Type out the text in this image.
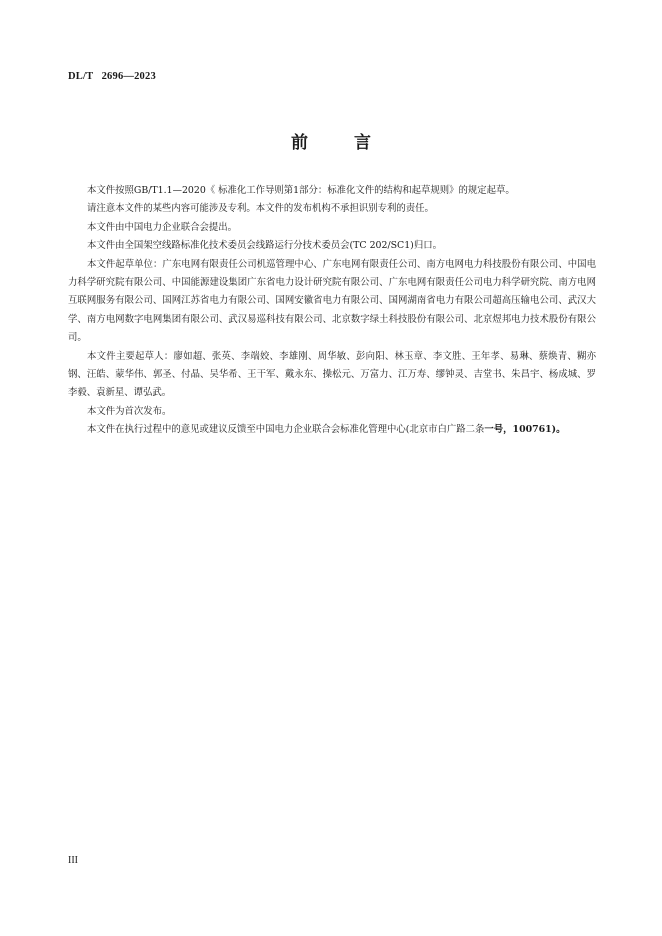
DL/T   2696—2023
前 言

本文件按照GB/T1.1—2020《 标准化工作导则第1部分：标准化文件的结构和起草规则》的规定起草。

请注意本文件的某些内容可能涉及专利。本文件的发布机构不承担识别专利的责任。

本文件由中国电力企业联合会提出。

本文件由全国架空线路标准化技术委员会线路运行分技术委员会(TC 202/SC1)归口。

本文件起草单位：广东电网有限责任公司机巡管理中心、广东电网有限责任公司、南方电网电力科技股份有限公司、中国电力科学研究院有限公司、中国能源建设集团广东省电力设计研究院有限公司、广东电网有限责任公司电力科学研究院、南方电网互联网服务有限公司、国网江苏省电力有限公司、国网安徽省电力有限公司、国网湖南省电力有限公司超高压输电公司、武汉大学、南方电网数字电网集团有限公司、武汉易巡科技有限公司、北京数字绿土科技股份有限公司、北京煜邦电力技术股份有限公司。

本文件主要起草人：廖如超、张英、李端姣、李雄刚、周华敏、彭向阳、林玉章、李文胜、王年孝、易琳、蔡焕青、糊亦钢、汪皓、蒙华伟、郭圣、付晶、吴华希、王干军、戴永东、操松元、万富力、江万寿、缪钟灵、吉堂书、朱昌宇、杨成城、罗李毅、袁新星、谭弘武。

本文件为首次发布。

本文件在执行过程中的意见或建议反馈至中国电力企业联合会标准化管理中心(北京市白广路二条一号，100761)。

III
